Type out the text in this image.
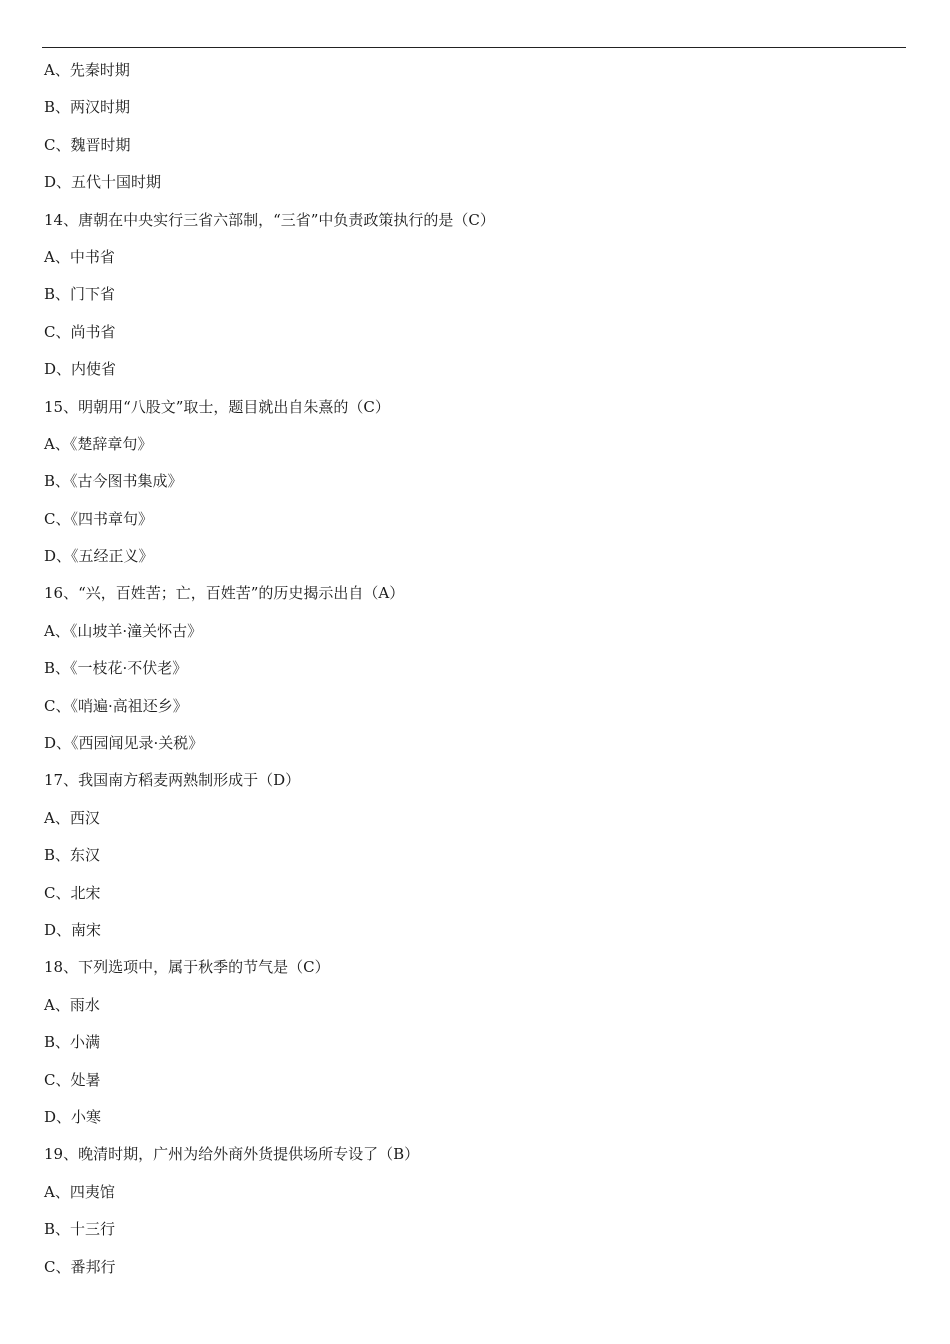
A、先秦时期
B、两汉时期
C、魏晋时期
D、五代十国时期
14、唐朝在中央实行三省六部制，“三省”中负责政策执行的是（C）
A、中书省
B、门下省
C、尚书省
D、内使省
15、明朝用“八股文”取士，题目就出自朱熹的（C）
A、《楚辞章句》
B、《古今图书集成》
C、《四书章句》
D、《五经正义》
16、“兴，百姓苦；亡，百姓苦”的历史揭示出自（A）
A、《山坡羊·潼关怀古》
B、《一枝花·不伏老》
C、《哨遍·高祖还乡》
D、《西园闻见录·关税》
17、我国南方稻麦两熟制形成于（D）
A、西汉
B、东汉
C、北宋
D、南宋
18、下列选项中，属于秋季的节气是（C）
A、雨水
B、小满
C、处暑
D、小寒
19、晚清时期，广州为给外商外货提供场所专设了（B）
A、四夷馆
B、十三行
C、番邦行
